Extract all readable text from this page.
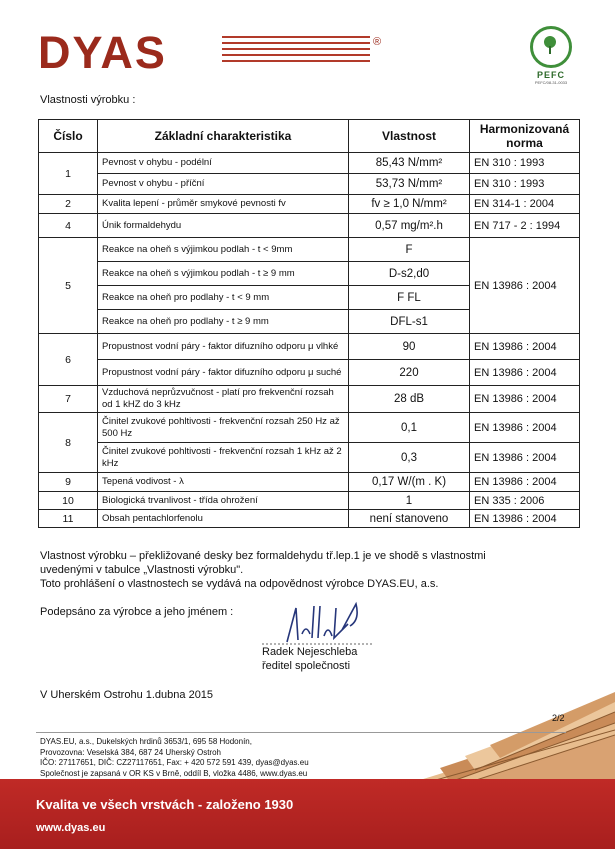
DYAS	®
PEFC
PEFC/08-31-0033
Vlastnosti výrobku :
Číslo	Základní charakteristika	Vlastnost	Harmonizovaná norma
1	Pevnost v ohybu - podélní	85,43 N/mm²	EN 310 : 1993
	Pevnost v ohybu - příční	53,73 N/mm²	EN 310 : 1993
2	Kvalita lepení - průměr smykové pevnosti fv	fv ≥ 1,0 N/mm²	EN 314-1 : 2004
4	Únik formaldehydu	0,57 mg/m².h	EN 717 - 2 : 1994
5	Reakce na oheň s výjimkou podlah - t < 9mm	F	EN 13986 : 2004
	Reakce na oheň s výjimkou podlah - t ≥ 9 mm	D-s2,d0	
	Reakce na oheň pro podlahy - t < 9 mm	F FL	
	Reakce na oheň pro podlahy - t ≥ 9 mm	DFL-s1	
6	Propustnost vodní páry - faktor difuzního odporu μ vlhké	90	EN 13986 : 2004
	Propustnost vodní páry - faktor difuzního odporu μ suché	220	EN 13986 : 2004
7	Vzduchová neprůzvučnost - platí pro frekvenční rozsah od 1 kHZ do 3 kHz	28 dB	EN 13986 : 2004
8	Činitel zvukové pohltivosti - frekvenční rozsah 250 Hz až 500 Hz	0,1	EN 13986 : 2004
	Činitel zvukové pohltivosti - frekvenční rozsah 1 kHz až 2 kHz	0,3	EN 13986 : 2004
9	Tepená vodivost - λ	0,17 W/(m . K)	EN 13986 : 2004
10	Biologická trvanlivost - třída ohrožení	1	EN 335 : 2006
11	Obsah pentachlorfenolu	není stanoveno	EN 13986 : 2004
Vlastnost výrobku – překližované desky bez formaldehydu tř.lep.1 je ve shodě s vlastnostmi
uvedenými v tabulce „Vlastnosti výrobku".
Toto prohlášení o vlastnostech se vydává na odpovědnost výrobce DYAS.EU, a.s.
Podepsáno za výrobce a jeho jménem :
Radek Nejeschleba
ředitel společnosti
V Uherském Ostrohu 1.dubna 2015
2/2
DYAS.EU, a.s., Dukelských hrdinů 3653/1, 695 58 Hodonín,
Provozovna: Veselská 384, 687 24 Uherský Ostroh
IČO: 27117651, DIČ: CZ27117651, Fax: + 420 572 591 439, dyas@dyas.eu
Společnost je zapsaná v OR KS v Brně, oddíl B, vložka 4486, www.dyas.eu
Kvalita ve všech vrstvách - založeno 1930
www.dyas.eu
